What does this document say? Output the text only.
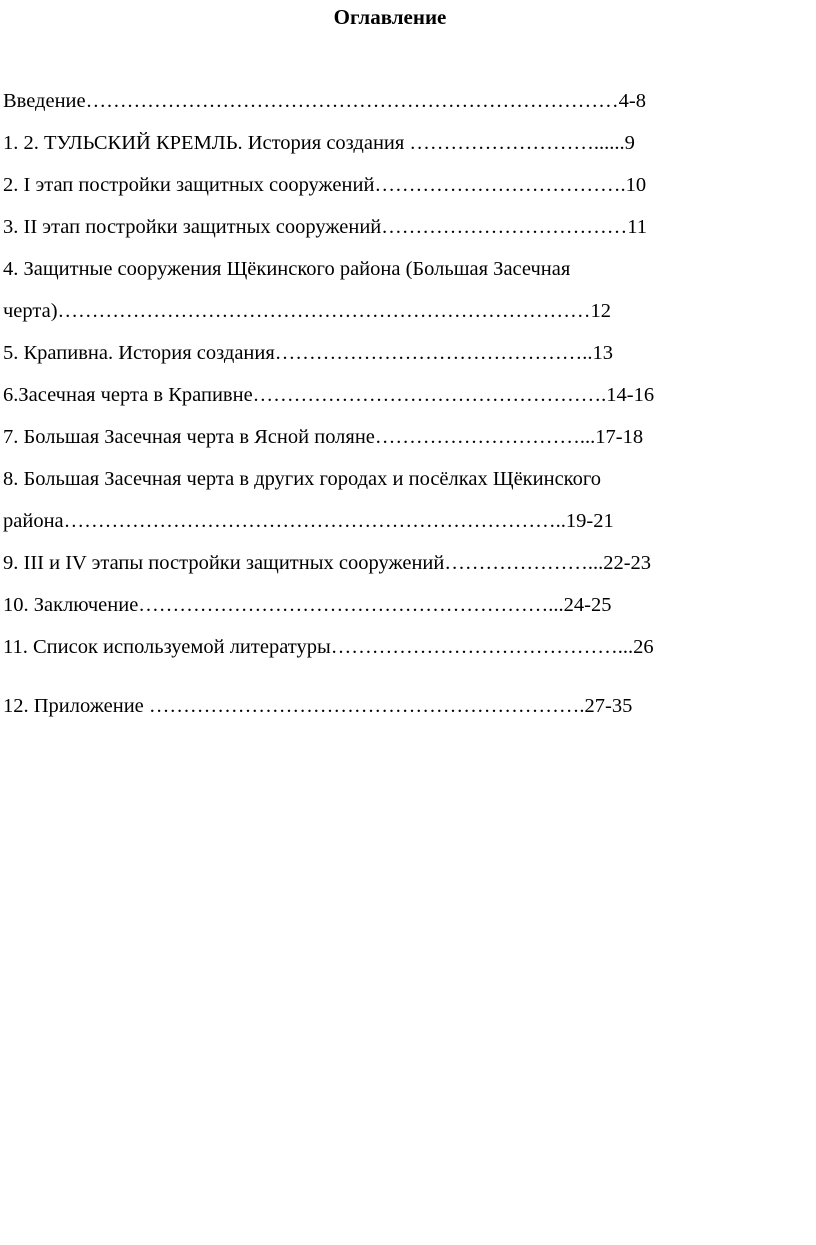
Оглавление
Введение……………………………………………………………………4-8
1. 2. ТУЛЬСКИЙ КРЕМЛЬ. История создания ………………………......9
2. I этап постройки защитных сооружений……………………………….10
3. II этап постройки защитных сооружений………………………………11
4. Защитные сооружения Щёкинского района (Большая Засечная
черта)……………………………………………………………………12
5. Крапивна. История создания………………………………………..13
6.Засечная черта в Крапивне…………………………………………….14-16
7. Большая Засечная черта в Ясной поляне…………………………...17-18
8. Большая Засечная черта в других городах и посёлках Щёкинского
района………………………………………………………………..19-21
9. III и IV этапы постройки защитных сооружений…………………...22-23
10. Заключение……………………………………………………...24-25
11. Список используемой литературы……………………………………...26
12. Приложение ……………………………………………………….27-35
